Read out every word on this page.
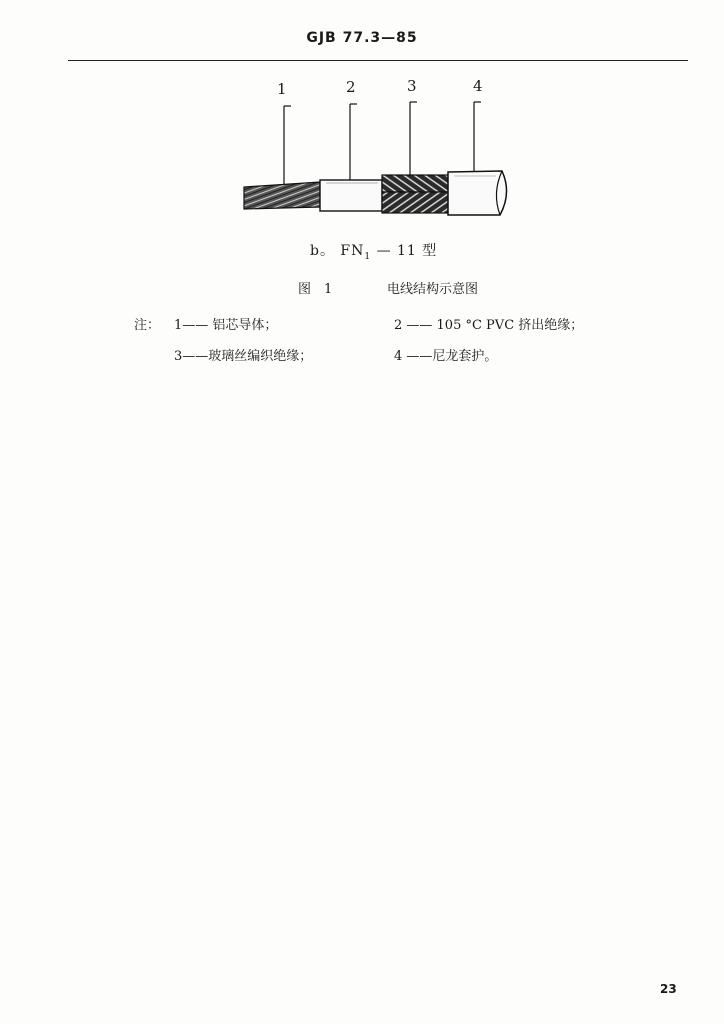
GJB 77.3—85
1	2	3	4
b。 $FN_1$ — 11 型
图　1	电线结构示意图
注： 1—— 铝芯导体；	2 —— 105 °C PVC 挤出绝缘；
3——玻璃丝编织绝缘；	4 ——尼龙套护。
23
